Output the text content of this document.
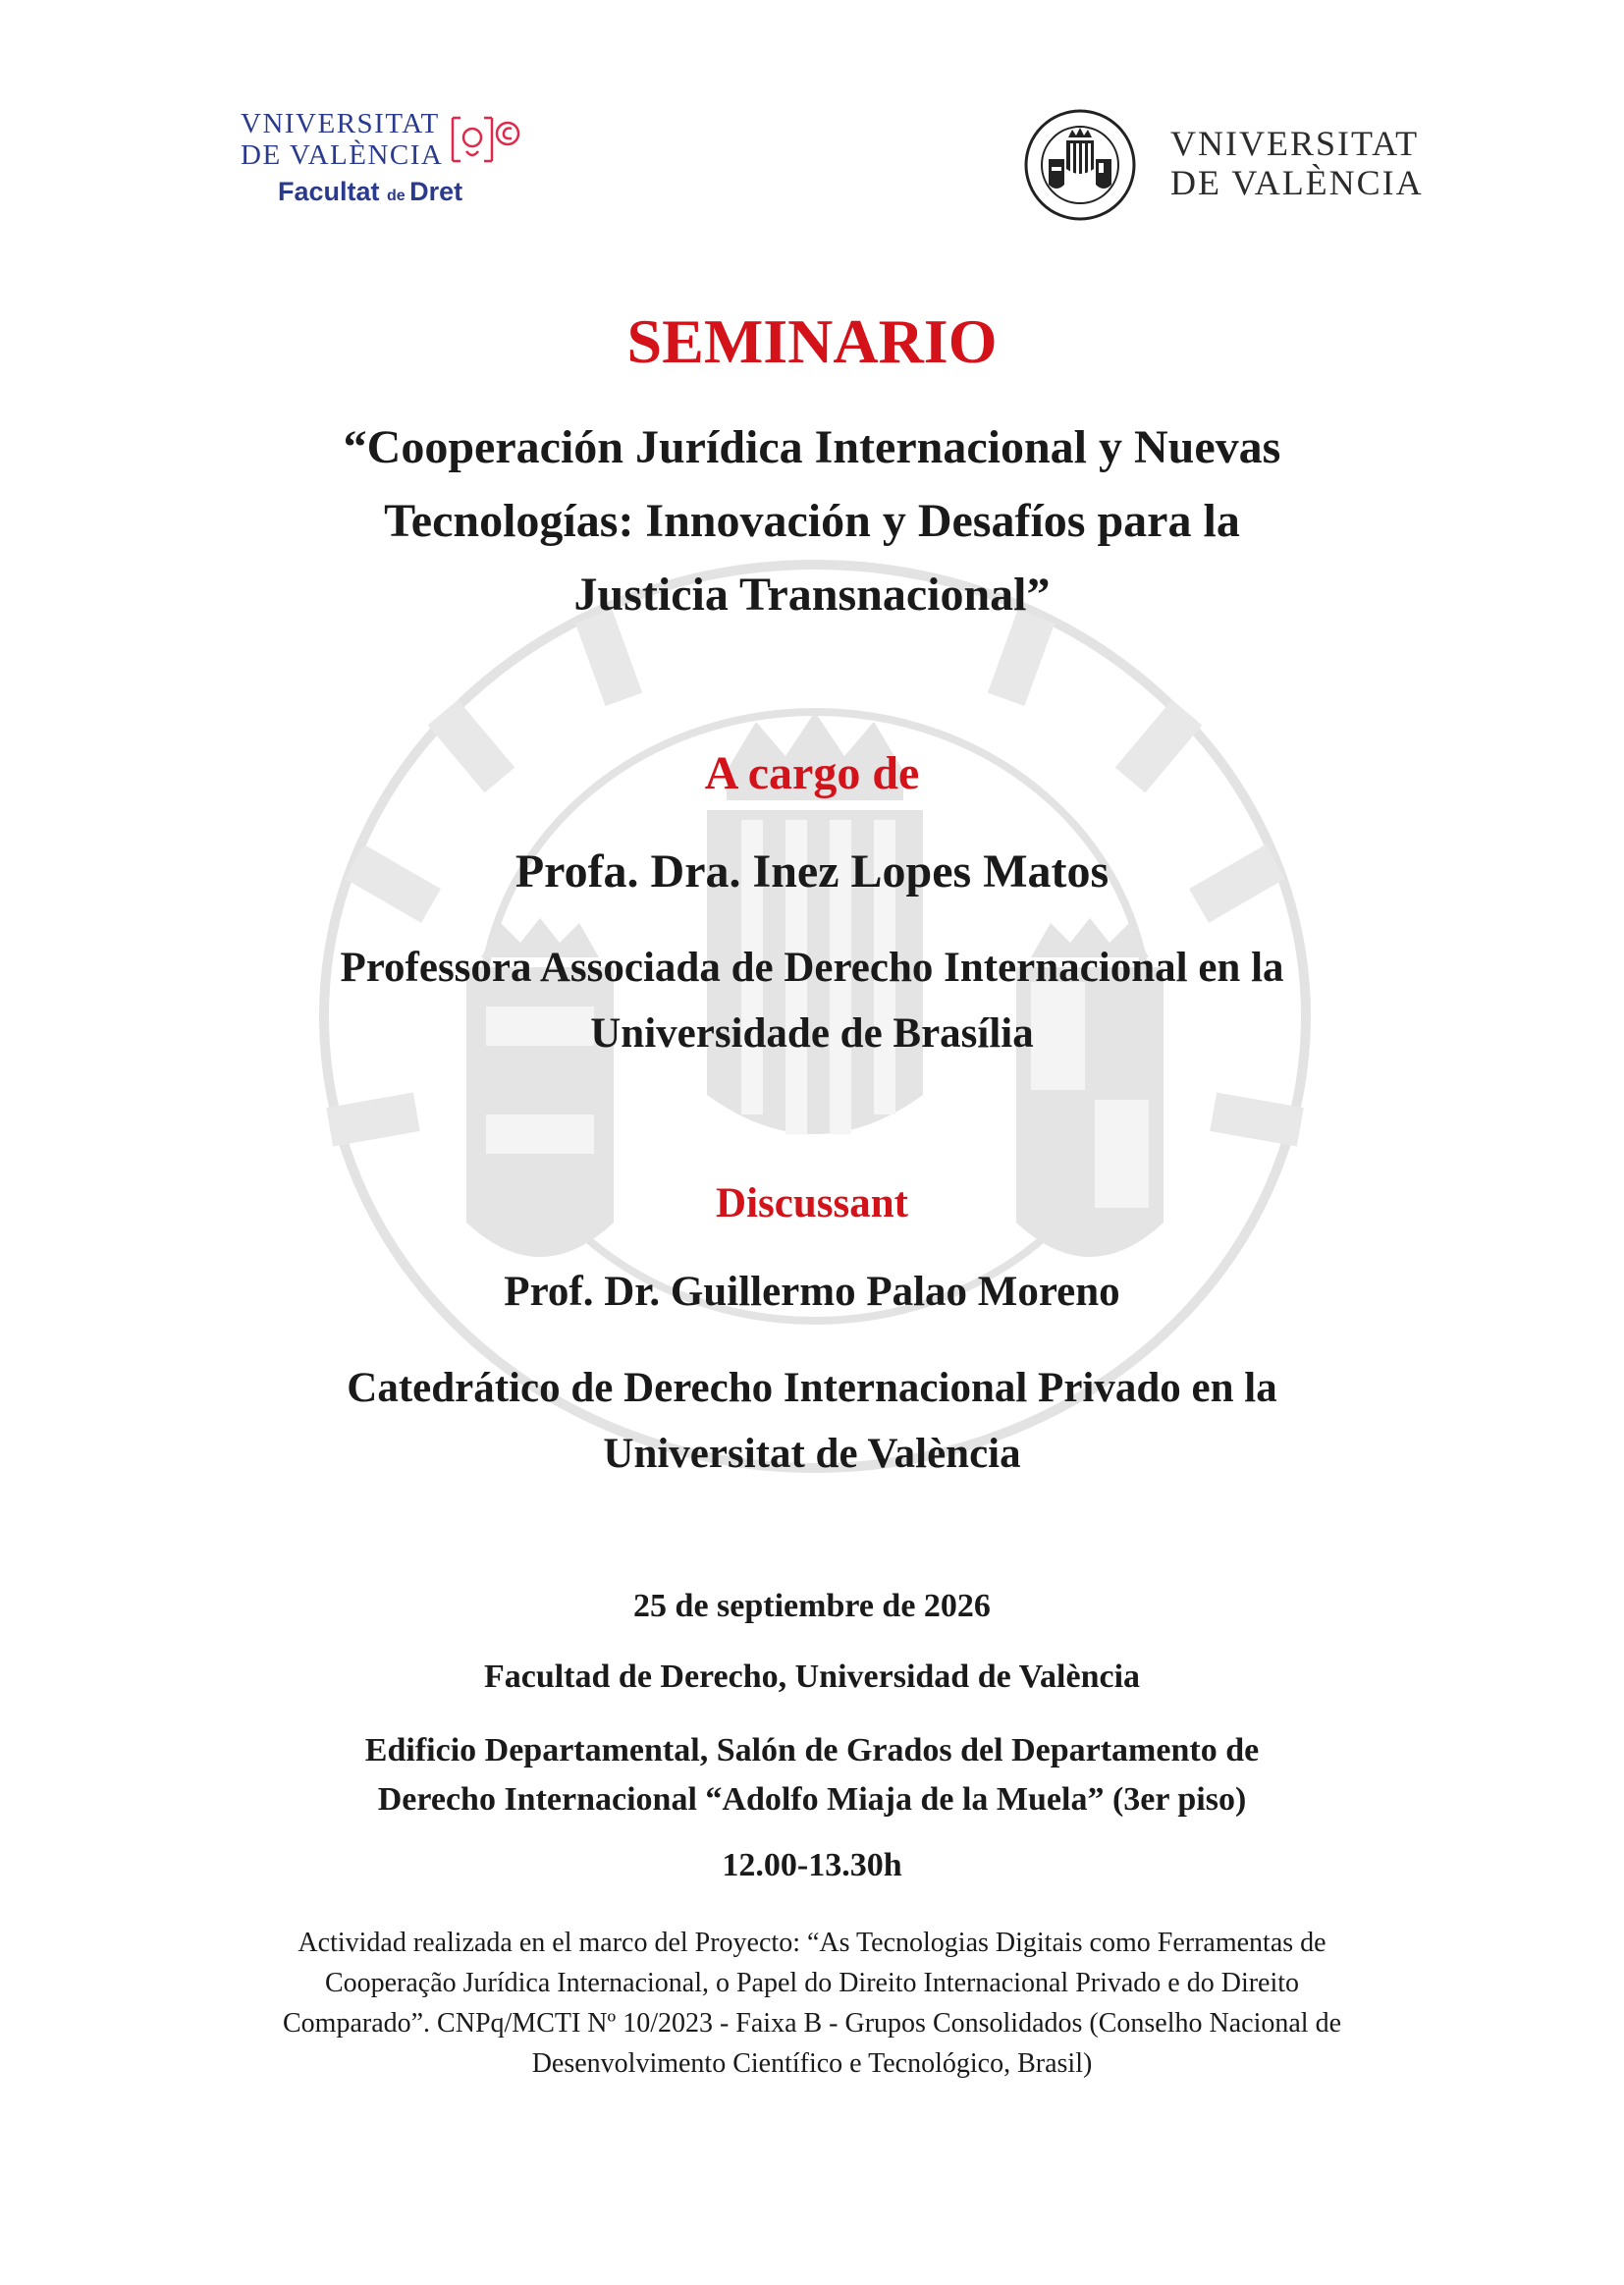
VNIVERSITAT
DE VALÈNCIA
Facultat de Dret
VNIVERSITAT
DE VALÈNCIA
SEMINARIO
“Cooperación Jurídica Internacional y Nuevas
Tecnologías: Innovación y Desafíos para la
Justicia Transnacional”
A cargo de
Profa. Dra. Inez Lopes Matos
Professora Associada de Derecho Internacional en la
Universidade de Brasília
Discussant
Prof. Dr. Guillermo Palao Moreno
Catedrático de Derecho Internacional Privado en la
Universitat de València
25 de septiembre de 2026
Facultad de Derecho, Universidad de València
Edificio Departamental, Salón de Grados del Departamento de
Derecho Internacional “Adolfo Miaja de la Muela” (3er piso)
12.00-13.30h
Actividad realizada en el marco del Proyecto: “As Tecnologias Digitais como Ferramentas de
Cooperação Jurídica Internacional, o Papel do Direito Internacional Privado e do Direito
Comparado”. CNPq/MCTI Nº 10/2023 - Faixa B - Grupos Consolidados (Conselho Nacional de
Desenvolvimento Científico e Tecnológico, Brasil)
